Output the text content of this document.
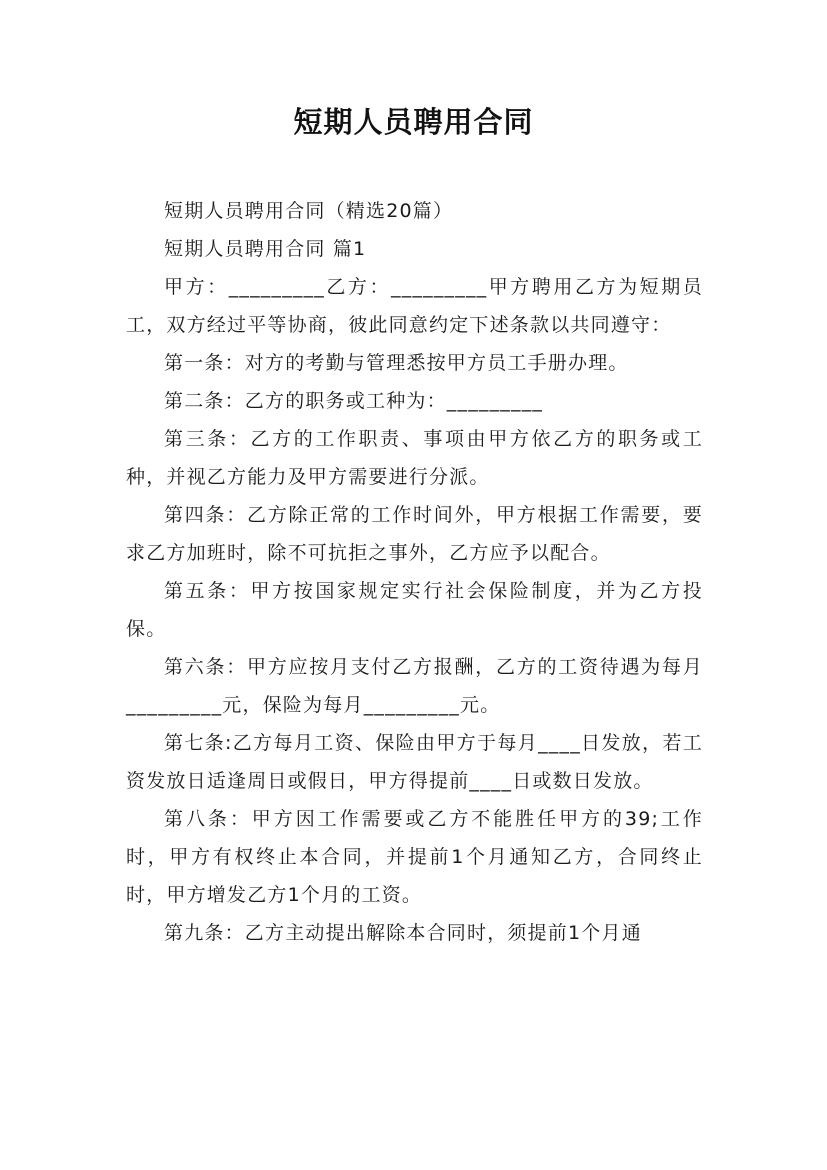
短期人员聘用合同

短期人员聘用合同（精选20篇）

短期人员聘用合同 篇1

甲方：_________乙方：_________甲方聘用乙方为短期员工，双方经过平等协商，彼此同意约定下述条款以共同遵守：

第一条：对方的考勤与管理悉按甲方员工手册办理。

第二条：乙方的职务或工种为：_________

第三条：乙方的工作职责、事项由甲方依乙方的职务或工种，并视乙方能力及甲方需要进行分派。

第四条：乙方除正常的工作时间外，甲方根据工作需要，要求乙方加班时，除不可抗拒之事外，乙方应予以配合。

第五条：甲方按国家规定实行社会保险制度，并为乙方投保。

第六条：甲方应按月支付乙方报酬，乙方的工资待遇为每月_________元，保险为每月_________元。

第七条:乙方每月工资、保险由甲方于每月____日发放，若工资发放日适逢周日或假日，甲方得提前____日或数日发放。

第八条：甲方因工作需要或乙方不能胜任甲方的39;工作时，甲方有权终止本合同，并提前1个月通知乙方，合同终止时，甲方增发乙方1个月的工资。

第九条：乙方主动提出解除本合同时，须提前1个月通
